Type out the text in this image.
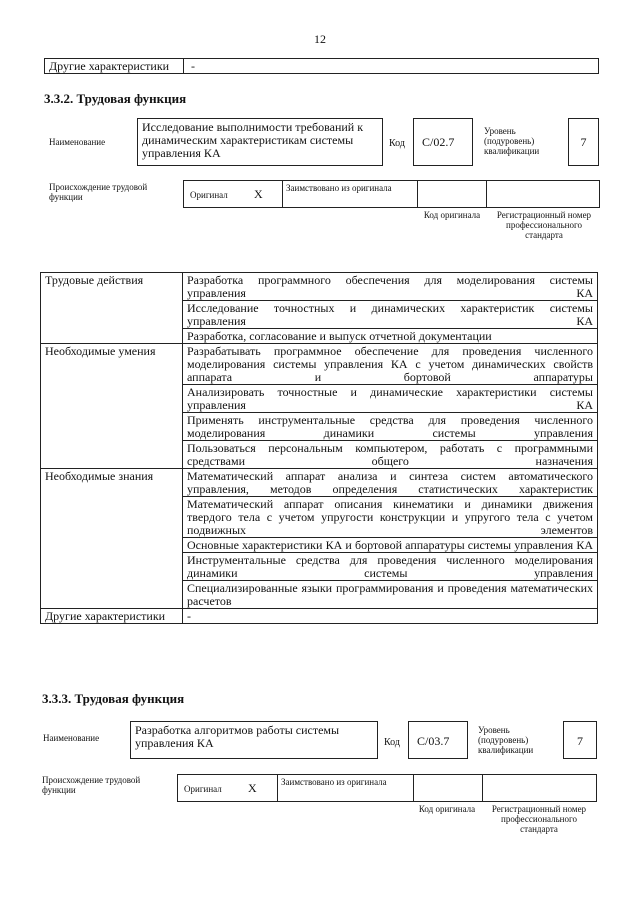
12
Другие характеристики -
3.3.2. Трудовая функция
Наименование
Исследование выполнимости требований к динамическим характеристикам системы управления КА
Код	C/02.7
Уровень (подуровень) квалификации
7
Происхождение трудовой функции	Оригинал X	Заимствовано из оригинала
Код оригинала	Регистрационный номер профессионального стандарта
Трудовые действия	Разработка программного обеспечения для моделирования системы управления КА
	Исследование точностных и динамических характеристик системы управления КА
	Разработка, согласование и выпуск отчетной документации
Необходимые умения	Разрабатывать программное обеспечение для проведения численного моделирования системы управления КА с учетом динамических свойств аппарата и бортовой аппаратуры
	Анализировать точностные и динамические характеристики системы управления КА
	Применять инструментальные средства для проведения численного моделирования динамики системы управления
	Пользоваться персональным компьютером, работать с программными средствами общего назначения
Необходимые знания	Математический аппарат анализа и синтеза систем автоматического управления, методов определения статистических характеристик
	Математический аппарат описания кинематики и динамики движения твердого тела с учетом упругости конструкции и упругого тела с учетом подвижных элементов
	Основные характеристики КА и бортовой аппаратуры системы управления КА
	Инструментальные средства для проведения численного моделирования динамики системы управления
	Специализированные языки программирования и проведения математических расчетов
Другие характеристики	-
3.3.3. Трудовая функция
Наименование
Разработка алгоритмов работы системы управления КА	Код	C/03.7
Уровень (подуровень) квалификации
7
Происхождение трудовой функции	Оригинал X	Заимствовано из оригинала
Код оригинала	Регистрационный номер профессионального стандарта
